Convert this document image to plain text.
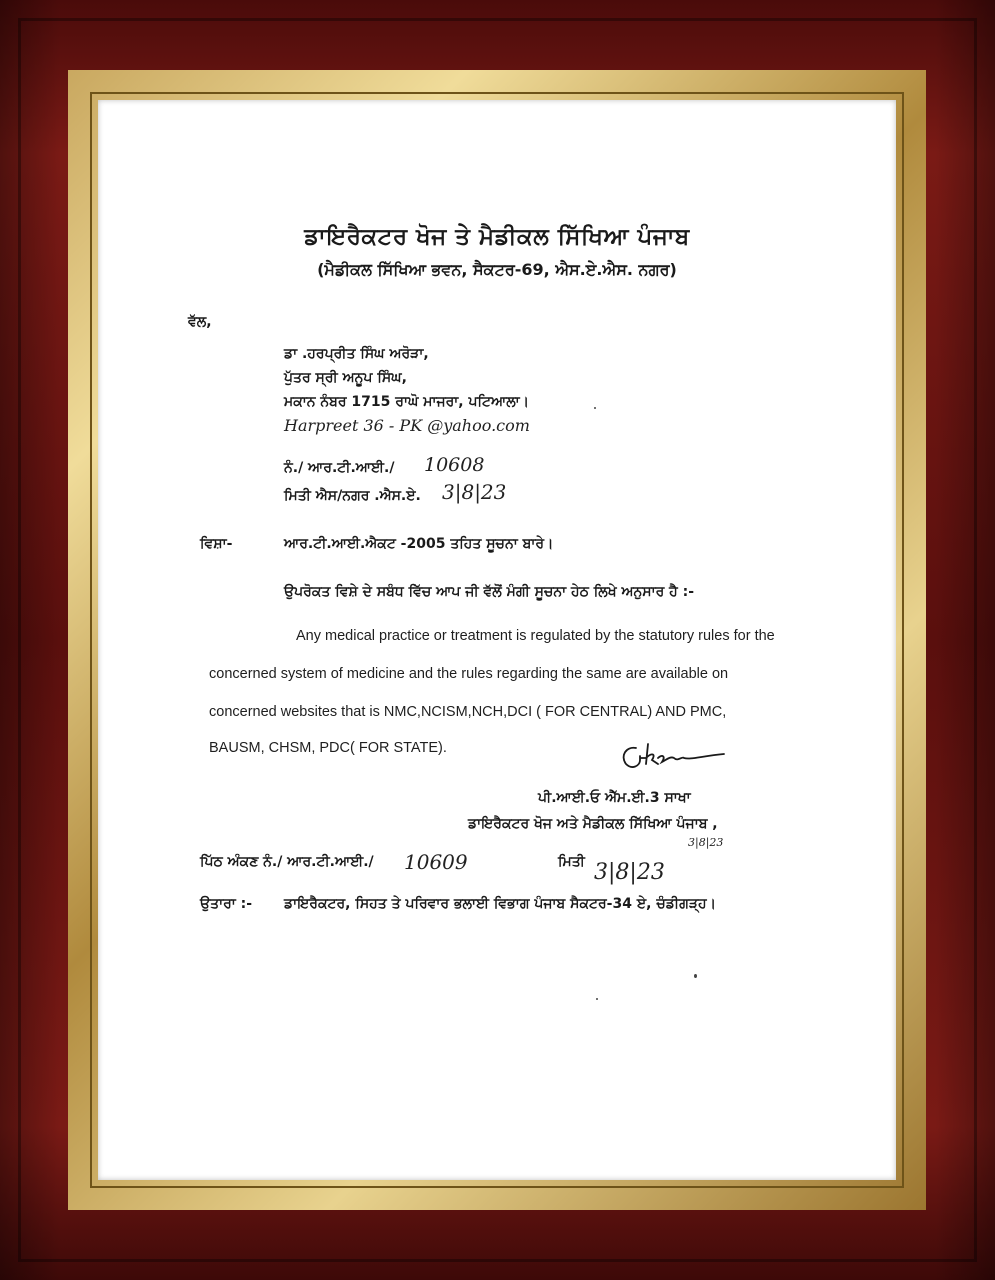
ਡਾਇਰੈਕਟਰ ਖੋਜ ਤੇ ਮੈਡੀਕਲ ਸਿੱਖਿਆ ਪੰਜਾਬ
(ਮੈਡੀਕਲ ਸਿੱਖਿਆ ਭਵਨ, ਸੈਕਟਰ-69, ਐਸ.ਏ.ਐਸ. ਨਗਰ)
ਵੱਲ,
ਡਾ .ਹਰਪ੍ਰੀਤ ਸਿੰਘ ਅਰੋੜਾ,
ਪੁੱਤਰ ਸ੍ਰੀ ਅਨੂਪ ਸਿੰਘ,
ਮਕਾਨ ਨੰਬਰ 1715 ਰਾਘੋ ਮਾਜਰਾ, ਪਟਿਆਲਾ।
Harpreet 36 - PK @yahoo.com
ਨੰ./ ਆਰ.ਟੀ.ਆਈ./ 10608
ਮਿਤੀ ਐਸ/ਨਗਰ .ਐਸ.ਏ. 3|8|23
ਵਿਸ਼ਾ-	ਆਰ.ਟੀ.ਆਈ.ਐਕਟ -2005 ਤਹਿਤ ਸੂਚਨਾ ਬਾਰੇ।
ਉਪਰੋਕਤ ਵਿਸ਼ੇ ਦੇ ਸਬੰਧ ਵਿੱਚ ਆਪ ਜੀ ਵੱਲੋਂ ਮੰਗੀ ਸੂਚਨਾ ਹੇਠ ਲਿਖੇ ਅਨੁਸਾਰ ਹੈ :-
Any medical practice or treatment is regulated by the statutory rules for the
concerned system of medicine and the rules regarding the same are available on
concerned websites that is NMC,NCISM,NCH,DCI ( FOR CENTRAL) AND PMC,
BAUSM, CHSM, PDC( FOR STATE).
ਪੀ.ਆਈ.ਓ ਐੱਮ.ਈ.3 ਸਾਖਾ
ਡਾਇਰੈਕਟਰ ਖੋਜ ਅਤੇ ਮੈਡੀਕਲ ਸਿੱਖਿਆ ਪੰਜਾਬ ,
3|8|23
ਪਿੱਠ ਅੰਕਣ ਨੰ./ ਆਰ.ਟੀ.ਆਈ./ 10609	ਮਿਤੀ 3|8|23
ਉਤਾਰਾ :- ਡਾਇਰੈਕਟਰ, ਸਿਹਤ ਤੇ ਪਰਿਵਾਰ ਭਲਾਈ ਵਿਭਾਗ ਪੰਜਾਬ ਸੈਕਟਰ-34 ਏ, ਚੰਡੀਗੜ੍ਹ।
